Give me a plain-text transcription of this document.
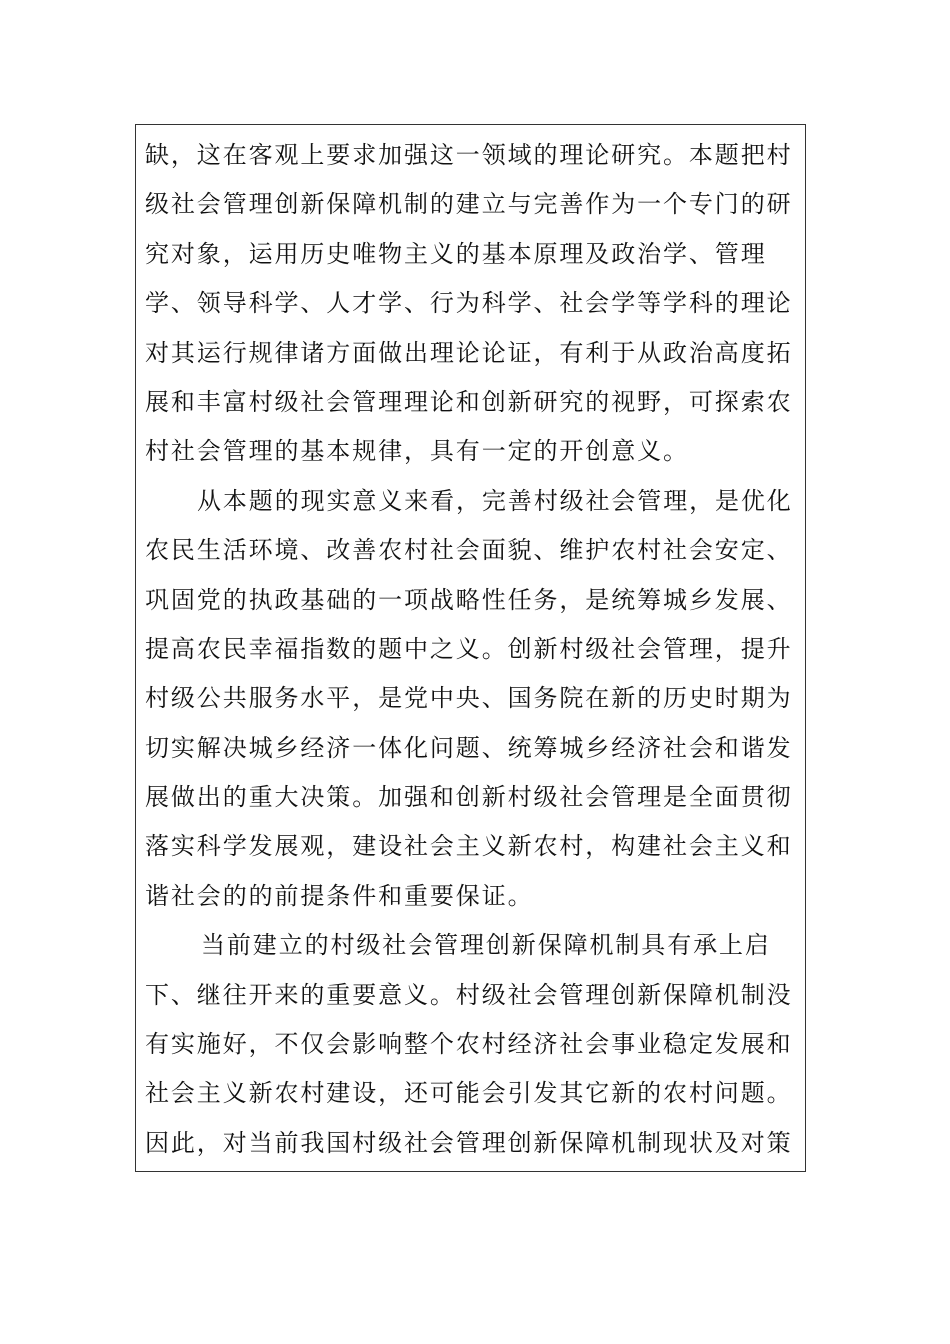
缺，这在客观上要求加强这一领域的理论研究。本题把村
级社会管理创新保障机制的建立与完善作为一个专门的研
究对象，运用历史唯物主义的基本原理及政治学、管理
学、领导科学、人才学、行为科学、社会学等学科的理论
对其运行规律诸方面做出理论论证，有利于从政治高度拓
展和丰富村级社会管理理论和创新研究的视野，可探索农
村社会管理的基本规律，具有一定的开创意义。
从本题的现实意义来看，完善村级社会管理，是优化
农民生活环境、改善农村社会面貌、维护农村社会安定、
巩固党的执政基础的一项战略性任务，是统筹城乡发展、
提高农民幸福指数的题中之义。创新村级社会管理，提升
村级公共服务水平，是党中央、国务院在新的历史时期为
切实解决城乡经济一体化问题、统筹城乡经济社会和谐发
展做出的重大决策。加强和创新村级社会管理是全面贯彻
落实科学发展观，建设社会主义新农村，构建社会主义和
谐社会的的前提条件和重要保证。
当前建立的村级社会管理创新保障机制具有承上启
下、继往开来的重要意义。村级社会管理创新保障机制没
有实施好，不仅会影响整个农村经济社会事业稳定发展和
社会主义新农村建设，还可能会引发其它新的农村问题。
因此，对当前我国村级社会管理创新保障机制现状及对策
